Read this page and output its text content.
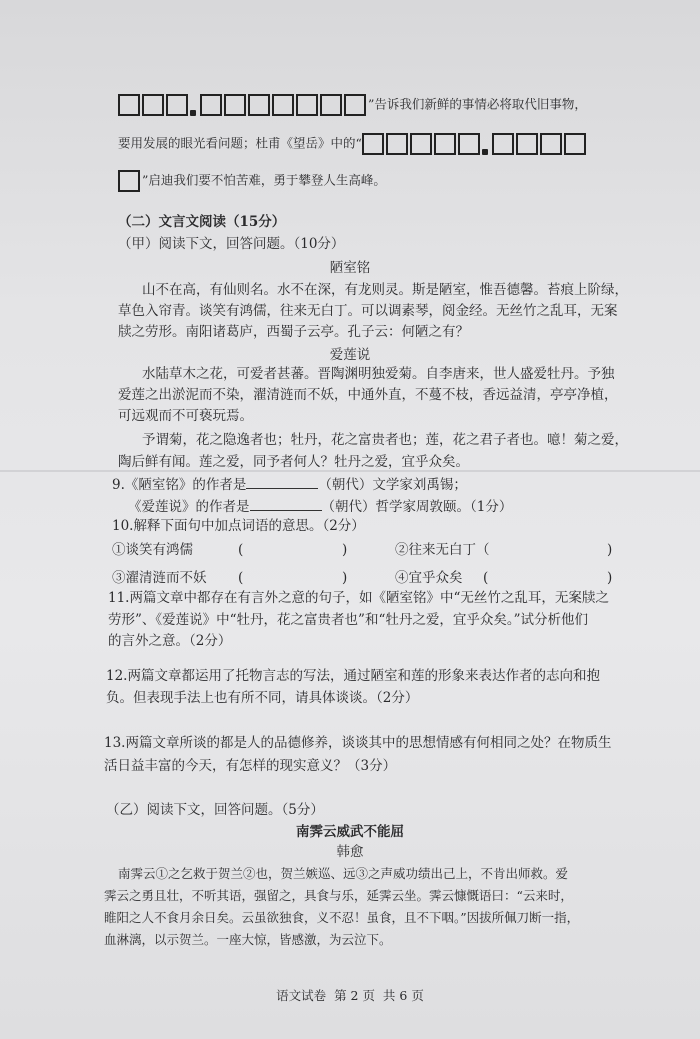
”告诉我们新鲜的事情必将取代旧事物，
要用发展的眼光看问题；杜甫《望岳》中的“
”启迪我们要不怕苦难，勇于攀登人生高峰。
（二）文言文阅读（15分）
（甲）阅读下文，回答问题。（10分）
陋室铭
山不在高，有仙则名。水不在深，有龙则灵。斯是陋室，惟吾德馨。苔痕上阶绿，
草色入帘青。谈笑有鸿儒，往来无白丁。可以调素琴，阅金经。无丝竹之乱耳，无案
牍之劳形。南阳诸葛庐，西蜀子云亭。孔子云：何陋之有？
爱莲说
水陆草木之花，可爱者甚蕃。晋陶渊明独爱菊。自李唐来，世人盛爱牡丹。予独
爱莲之出淤泥而不染，濯清涟而不妖，中通外直，不蔓不枝，香远益清，亭亭净植，
可远观而不可亵玩焉。
予谓菊，花之隐逸者也；牡丹，花之富贵者也；莲，花之君子者也。噫！菊之爱，
陶后鲜有闻。莲之爱，同予者何人？牡丹之爱，宜乎众矣。
9.《陋室铭》的作者是	（朝代）文学家刘禹锡；
《爱莲说》的作者是	（朝代）哲学家周敦颐。（1分）
10.解释下面句中加点词语的意思。（2分）
①谈笑有鸿儒	(	)	②往来无白丁（	)
③濯清涟而不妖 (	)	④宜乎众矣 (	)
11.两篇文章中都存在有言外之意的句子，如《陋室铭》中“无丝竹之乱耳，无案牍之
劳形”、《爱莲说》中“牡丹，花之富贵者也”和“牡丹之爱，宜乎众矣。”试分析他们
的言外之意。（2分）
12.两篇文章都运用了托物言志的写法，通过陋室和莲的形象来表达作者的志向和抱
负。但表现手法上也有所不同，请具体谈谈。（2分）
13.两篇文章所谈的都是人的品德修养，谈谈其中的思想情感有何相同之处？在物质生
活日益丰富的今天，有怎样的现实意义？（3分）
（乙）阅读下文，回答问题。（5分）
南霁云威武不能屈
韩愈
南霁云①之乞救于贺兰②也，贺兰嫉巡、远③之声威功绩出己上，不肯出师救。爱
霁云之勇且壮，不听其语，强留之，具食与乐，延霁云坐。霁云慷慨语曰：“云来时，
睢阳之人不食月余日矣。云虽欲独食，义不忍！虽食，且不下咽。”因拔所佩刀断一指，
血淋漓，以示贺兰。一座大惊，皆感激，为云泣下。
语文试卷  第 2 页  共 6 页
